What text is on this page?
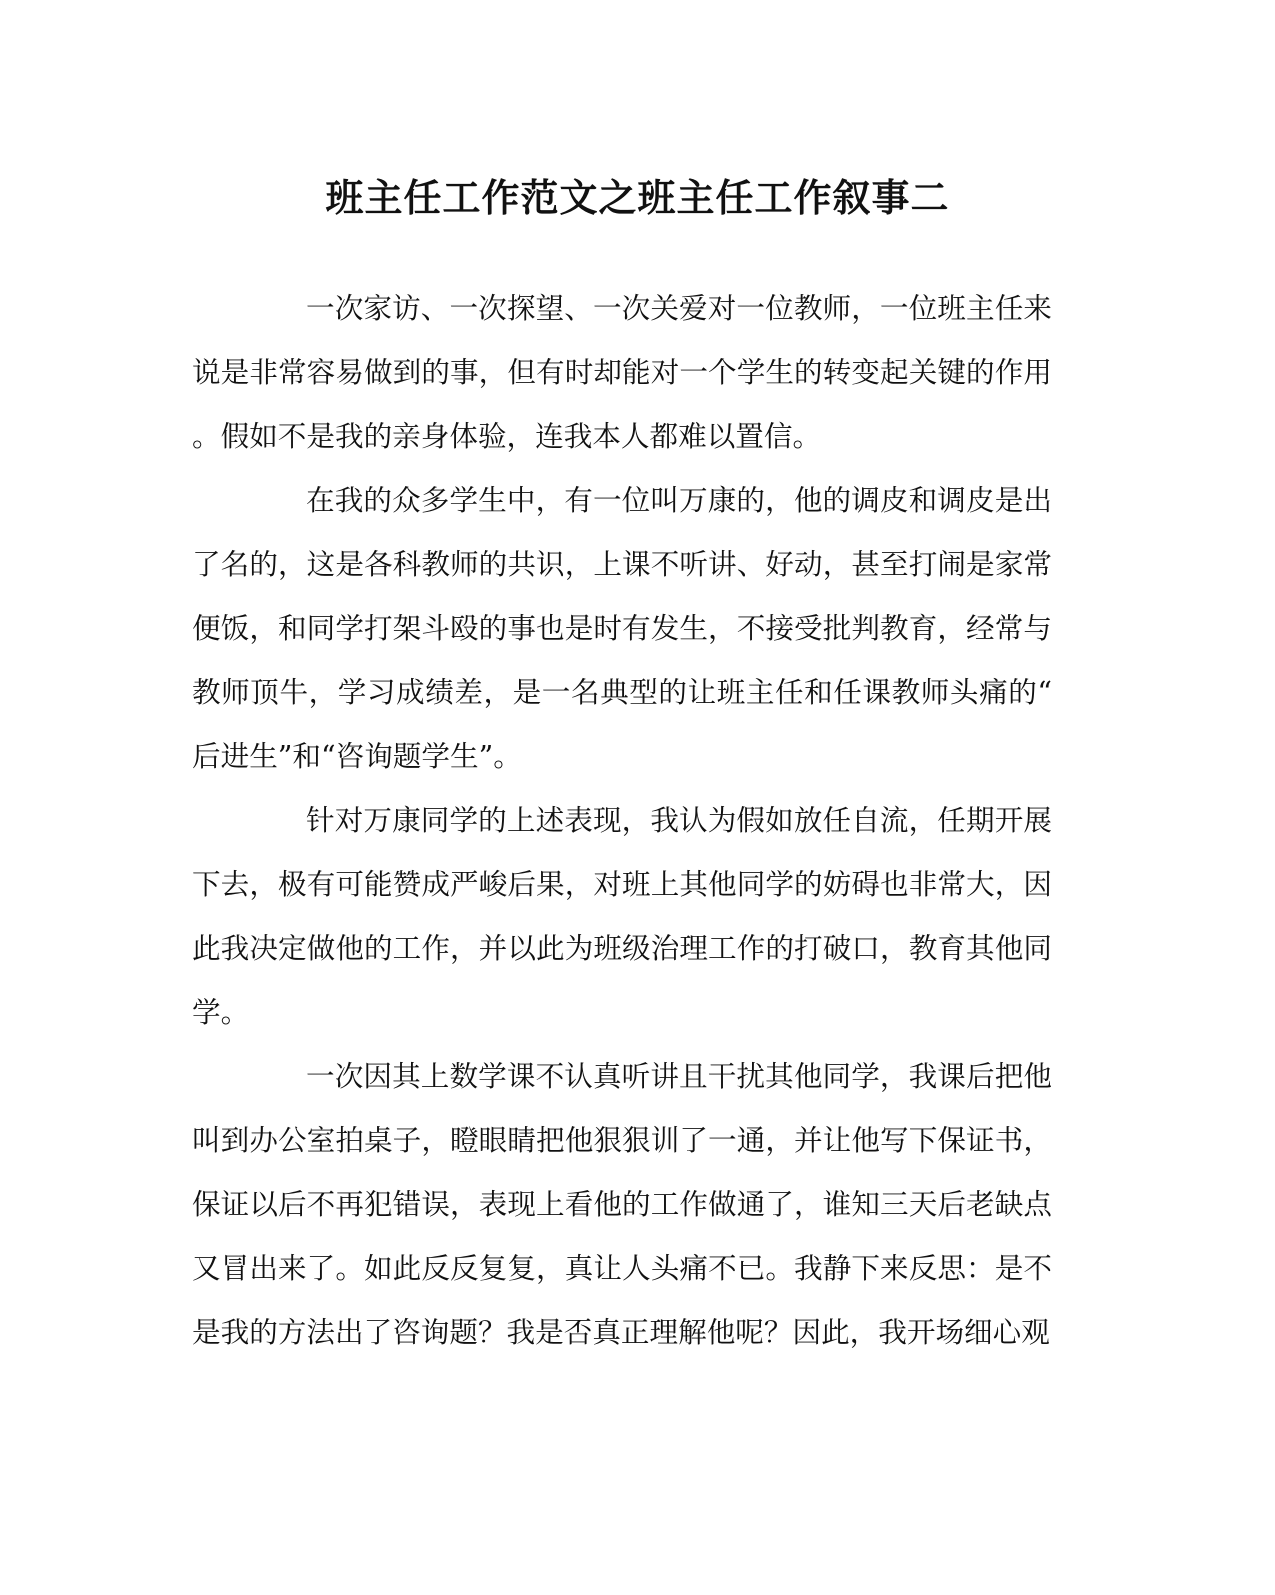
班主任工作范文之班主任工作叙事二

一次家访、一次探望、一次关爱对一位教师，一位班主任来说是非常容易做到的事，但有时却能对一个学生的转变起关键的作用。假如不是我的亲身体验，连我本人都难以置信。

在我的众多学生中，有一位叫万康的，他的调皮和调皮是出了名的，这是各科教师的共识，上课不听讲、好动，甚至打闹是家常便饭，和同学打架斗殴的事也是时有发生，不接受批判教育，经常与教师顶牛，学习成绩差，是一名典型的让班主任和任课教师头痛的“后进生”和“咨询题学生”。

针对万康同学的上述表现，我认为假如放任自流，任期开展下去，极有可能赞成严峻后果，对班上其他同学的妨碍也非常大，因此我决定做他的工作，并以此为班级治理工作的打破口，教育其他同学。

一次因其上数学课不认真听讲且干扰其他同学，我课后把他叫到办公室拍桌子，瞪眼睛把他狠狠训了一通，并让他写下保证书，保证以后不再犯错误，表现上看他的工作做通了，谁知三天后老缺点又冒出来了。如此反反复复，真让人头痛不已。我静下来反思：是不是我的方法出了咨询题？我是否真正理解他呢？因此，我开场细心观
